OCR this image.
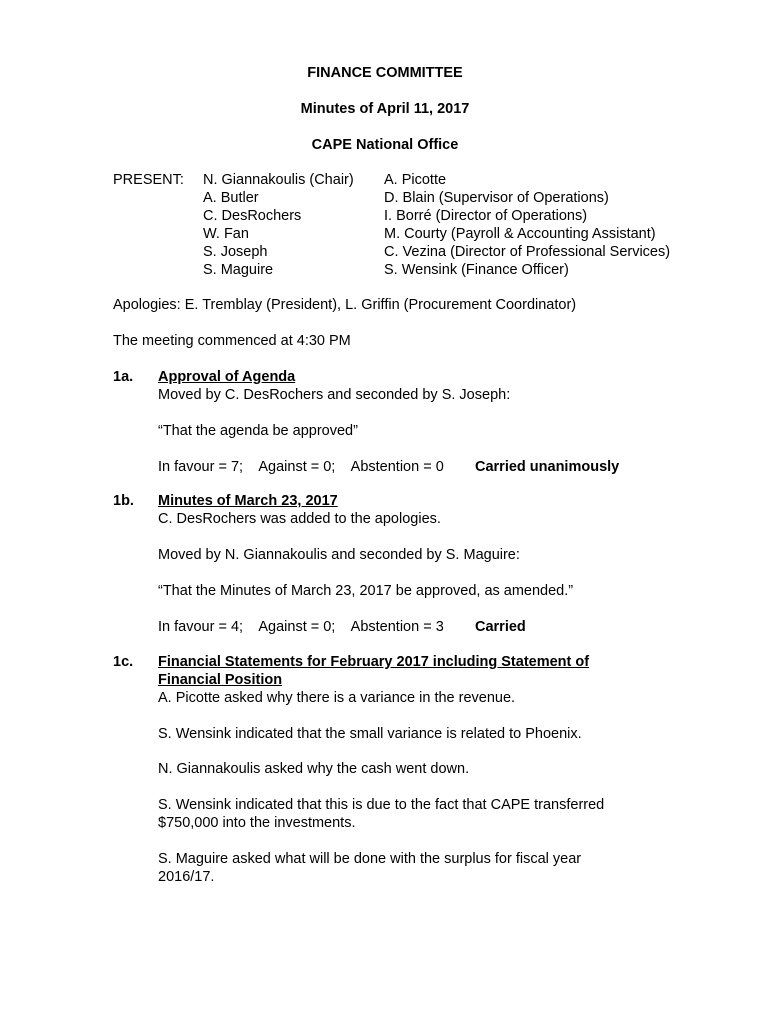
FINANCE COMMITTEE
Minutes of April 11, 2017
CAPE National Office
PRESENT: N. Giannakoulis (Chair)
A. Butler
C. DesRochers
W. Fan
S. Joseph
S. Maguire
A. Picotte
D. Blain (Supervisor of Operations)
I. Borré (Director of Operations)
M. Courty (Payroll & Accounting Assistant)
C. Vezina (Director of Professional Services)
S. Wensink (Finance Officer)
Apologies: E. Tremblay (President), L. Griffin (Procurement Coordinator)
The meeting commenced at 4:30 PM
1a. Approval of Agenda
Moved by C. DesRochers and seconded by S. Joseph:
“That the agenda be approved”
In favour = 7;    Against = 0;    Abstention = 0 Carried unanimously
1b. Minutes of March 23, 2017
C. DesRochers was added to the apologies.
Moved by N. Giannakoulis and seconded by S. Maguire:
“That the Minutes of March 23, 2017 be approved, as amended.”
In favour = 4;    Against = 0;    Abstention = 3 Carried
1c. Financial Statements for February 2017 including Statement of
Financial Position
A. Picotte asked why there is a variance in the revenue.
S. Wensink indicated that the small variance is related to Phoenix.
N. Giannakoulis asked why the cash went down.
S. Wensink indicated that this is due to the fact that CAPE transferred
$750,000 into the investments.
S. Maguire asked what will be done with the surplus for fiscal year
2016/17.
